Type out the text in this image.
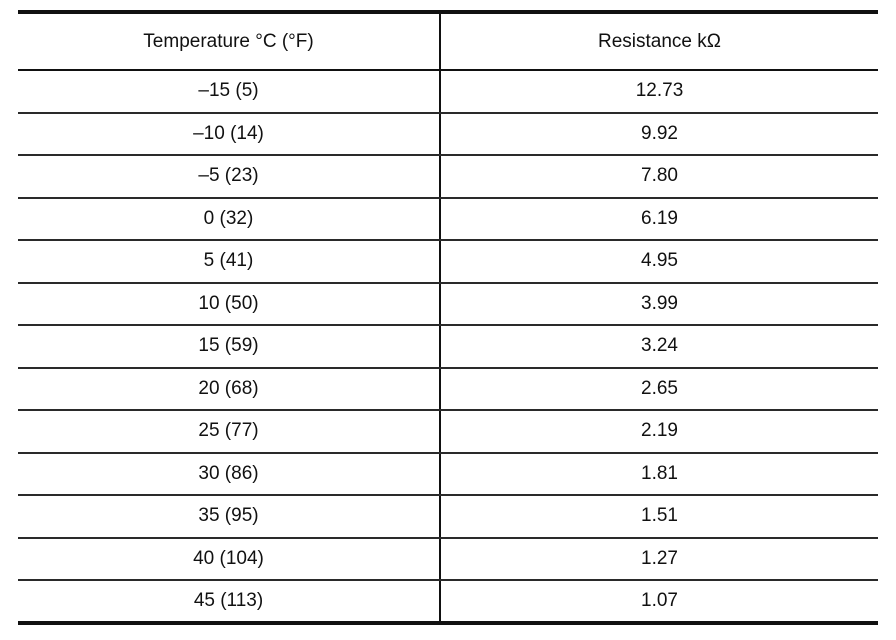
Temperature °C (°F)	Resistance kΩ
–15 (5)	12.73
–10 (14)	9.92
–5 (23)	7.80
0 (32)	6.19
5 (41)	4.95
10 (50)	3.99
15 (59)	3.24
20 (68)	2.65
25 (77)	2.19
30 (86)	1.81
35 (95)	1.51
40 (104)	1.27
45 (113)	1.07
